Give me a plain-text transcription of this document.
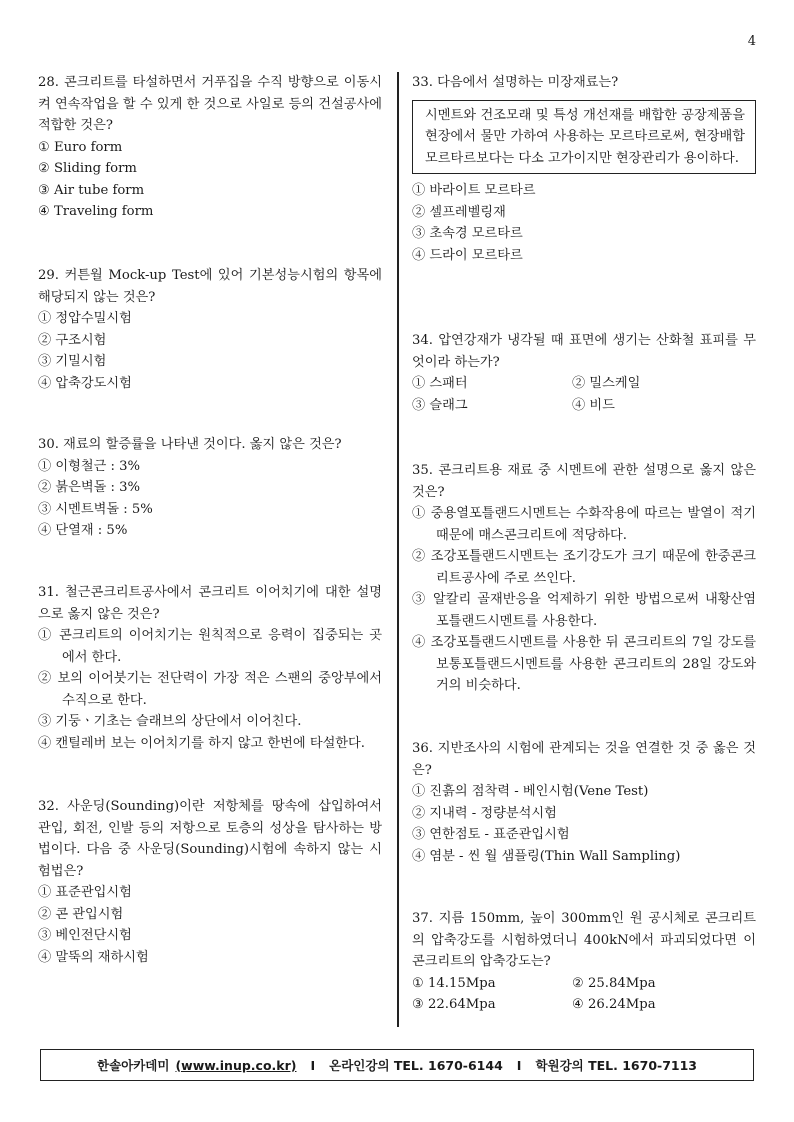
4
28. 콘크리트를 타설하면서 거푸집을 수직 방향으로 이동시켜 연속작업을 할 수 있게 한 것으로 사일로 등의 건설공사에 적합한 것은?
① Euro form
② Sliding form
③ Air tube form
④ Traveling form
29. 커튼월 Mock-up Test에 있어 기본성능시험의 항목에 해당되지 않는 것은?
① 정압수밀시험
② 구조시험
③ 기밀시험
④ 압축강도시험
30. 재료의 할증률을 나타낸 것이다. 옳지 않은 것은?
① 이형철근 : 3%
② 붉은벽돌 : 3%
③ 시멘트벽돌 : 5%
④ 단열재 : 5%
31. 철근콘크리트공사에서 콘크리트 이어치기에 대한 설명으로 옳지 않은 것은?
① 콘크리트의 이어치기는 원칙적으로 응력이 집중되는 곳에서 한다.
② 보의 이어붓기는 전단력이 가장 적은 스팬의 중앙부에서 수직으로 한다.
③ 기둥ㆍ기초는 슬래브의 상단에서 이어친다.
④ 캔틸레버 보는 이어치기를 하지 않고 한번에 타설한다.
32. 사운딩(Sounding)이란 저항체를 땅속에 삽입하여서 관입, 회전, 인발 등의 저항으로 토층의 성상을 탐사하는 방법이다. 다음 중 사운딩(Sounding)시험에 속하지 않는 시험법은?
① 표준관입시험
② 콘 관입시험
③ 베인전단시험
④ 말뚝의 재하시험
33. 다음에서 설명하는 미장재료는?
시멘트와 건조모래 및 특성 개선재를 배합한 공장제품을 현장에서 물만 가하여 사용하는 모르타르로써, 현장배합 모르타르보다는 다소 고가이지만 현장관리가 용이하다.
① 바라이트 모르타르
② 셀프레벨링재
③ 초속경 모르타르
④ 드라이 모르타르
34. 압연강재가 냉각될 때 표면에 생기는 산화철 표피를 무엇이라 하는가?
① 스패터	② 밀스케일
③ 슬래그	④ 비드
35. 콘크리트용 재료 중 시멘트에 관한 설명으로 옳지 않은 것은?
① 중용열포틀랜드시멘트는 수화작용에 따르는 발열이 적기 때문에 매스콘크리트에 적당하다.
② 조강포틀랜드시멘트는 조기강도가 크기 때문에 한중콘크리트공사에 주로 쓰인다.
③ 알칼리 골재반응을 억제하기 위한 방법으로써 내황산염포틀랜드시멘트를 사용한다.
④ 조강포틀랜드시멘트를 사용한 뒤 콘크리트의 7일 강도를 보통포틀랜드시멘트를 사용한 콘크리트의 28일 강도와 거의 비슷하다.
36. 지반조사의 시험에 관계되는 것을 연결한 것 중 옳은 것은?
① 진흙의 점착력 - 베인시험(Vene Test)
② 지내력 - 정량분석시험
③ 연한점토 - 표준관입시험
④ 염분 - 씬 월 샘플링(Thin Wall Sampling)
37. 지름 150mm, 높이 300mm인 원 공시체로 콘크리트의 압축강도를 시험하였더니 400kN에서 파괴되었다면 이 콘크리트의 압축강도는?
① 14.15Mpa	② 25.84Mpa
③ 22.64Mpa	④ 26.24Mpa
한솔아카데미 (www.inup.co.kr) I 온라인강의 TEL. 1670-6144 I 학원강의 TEL. 1670-7113
